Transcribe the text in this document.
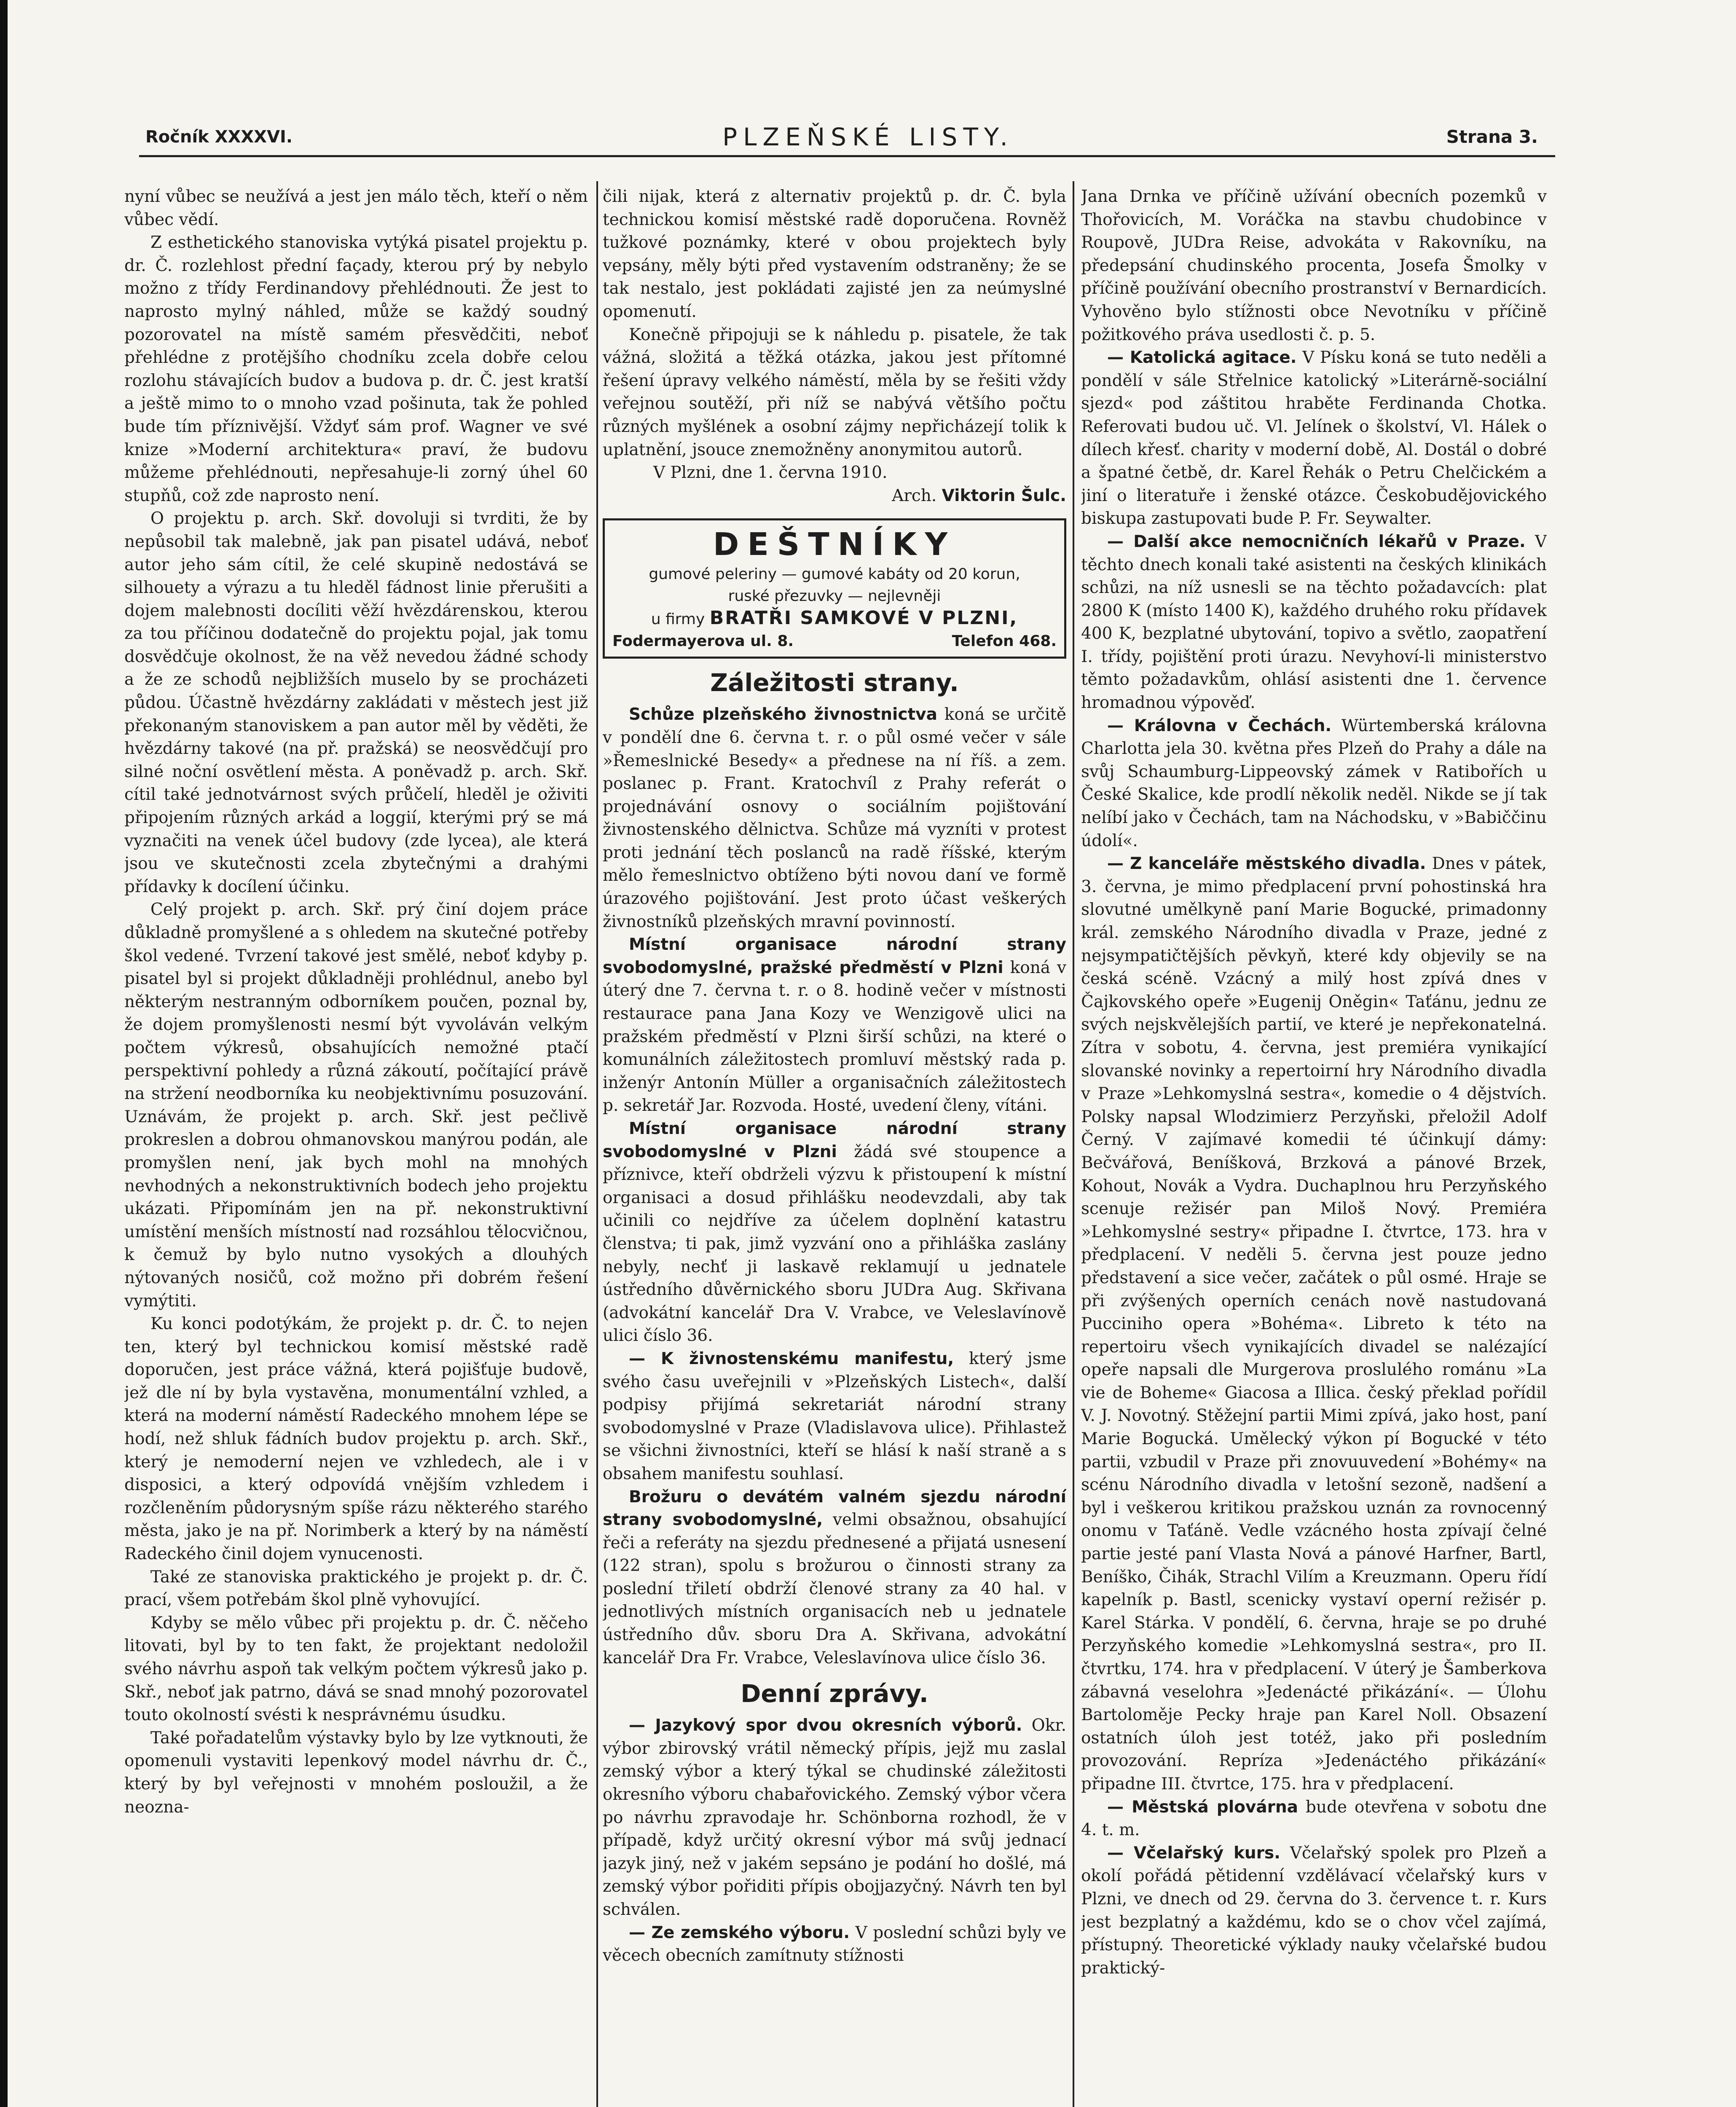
Ročník XXXXVI.	PLZEŇSKÉ LISTY.	Strana 3.

nyní vůbec se neužívá a jest jen málo těch, kteří o něm vůbec vědí.

Z esthetického stanoviska vytýká pisatel projektu p. dr. Č. rozlehlost přední façady, kterou prý by nebylo možno z třídy Ferdinandovy přehlédnouti. Že jest to naprosto mylný náhled, může se každý soudný pozorovatel na místě samém přesvědčiti, neboť přehlédne z protějšího chodníku zcela dobře celou rozlohu stávajících budov a budova p. dr. Č. jest kratší a ještě mimo to o mnoho vzad pošinuta, tak že pohled bude tím příznivější. Vždyť sám prof. Wagner ve své knize »Moderní architektura« praví, že budovu můžeme přehlédnouti, nepřesahuje-li zorný úhel 60 stupňů, což zde naprosto není.

O projektu p. arch. Skř. dovoluji si tvrditi, že by nepůsobil tak malebně, jak pan pisatel udává, neboť autor jeho sám cítil, že celé skupině nedostává se silhouety a výrazu a tu hleděl fádnost linie přerušiti a dojem malebnosti docíliti věží hvězdárenskou, kterou za tou příčinou dodatečně do projektu pojal, jak tomu dosvědčuje okolnost, že na věž nevedou žádné schody a že ze schodů nejbližších muselo by se procházeti půdou. Účastně hvězdárny zakládati v městech jest již překonaným stanoviskem a pan autor měl by věděti, že hvězdárny takové (na př. pražská) se neosvědčují pro silné noční osvětlení města. A poněvadž p. arch. Skř. cítil také jednotvárnost svých průčelí, hleděl je oživiti připojením různých arkád a loggií, kterými prý se má vyznačiti na venek účel budovy (zde lycea), ale která jsou ve skutečnosti zcela zbytečnými a drahými přídavky k docílení účinku.

Celý projekt p. arch. Skř. prý činí dojem práce důkladně promyšlené a s ohledem na skutečné potřeby škol vedené. Tvrzení takové jest smělé, neboť kdyby p. pisatel byl si projekt důkladněji prohlédnul, anebo byl některým nestranným odborníkem poučen, poznal by, že dojem promyšlenosti nesmí být vyvoláván velkým počtem výkresů, obsahujících nemožné ptačí perspektivní pohledy a různá zákoutí, počítající právě na stržení neodborníka ku neobjektivnímu posuzování. Uznávám, že projekt p. arch. Skř. jest pečlivě prokreslen a dobrou ohmanovskou manýrou podán, ale promyšlen není, jak bych mohl na mnohých nevhodných a nekonstruktivních bodech jeho projektu ukázati. Připomínám jen na př. nekonstruktivní umístění menších místností nad rozsáhlou tělocvičnou, k čemuž by bylo nutno vysokých a dlouhých nýtovaných nosičů, což možno při dobrém řešení vymýtiti.

Ku konci podotýkám, že projekt p. dr. Č. to nejen ten, který byl technickou komisí městské radě doporučen, jest práce vážná, která pojišťuje budově, jež dle ní by byla vystavěna, monumentální vzhled, a která na moderní náměstí Radeckého mnohem lépe se hodí, než shluk fádních budov projektu p. arch. Skř., který je nemoderní nejen ve vzhledech, ale i v disposici, a který odpovídá vnějším vzhledem i rozčleněním půdorysným spíše rázu některého starého města, jako je na př. Norimberk a který by na náměstí Radeckého činil dojem vynucenosti.

Také ze stanoviska praktického je projekt p. dr. Č. prací, všem potřebám škol plně vyhovující.

Kdyby se mělo vůbec při projektu p. dr. Č. něčeho litovati, byl by to ten fakt, že projektant nedoložil svého návrhu aspoň tak velkým počtem výkresů jako p. Skř., neboť jak patrno, dává se snad mnohý pozorovatel touto okolností svésti k nesprávnému úsudku.

Také pořadatelům výstavky bylo by lze vytknouti, že opomenuli vystaviti lepenkový model návrhu dr. Č., který by byl veřejnosti v mnohém posloužil, a že neozna-

čili nijak, která z alternativ projektů p. dr. Č. byla technickou komisí městské radě doporučena. Rovněž tužkové poznámky, které v obou projektech byly vepsány, měly býti před vystavením odstraněny; že se tak nestalo, jest pokládati zajisté jen za neúmyslné opomenutí.

Konečně připojuji se k náhledu p. pisatele, že tak vážná, složitá a těžká otázka, jakou jest přítomné řešení úpravy velkého náměstí, měla by se řešiti vždy veřejnou soutěží, při níž se nabývá většího počtu různých myšlének a osobní zájmy nepřicházejí tolik k uplatnění, jsouce znemožněny anonymitou autorů.

V Plzni, dne 1. června 1910.

Arch. Viktorin Šulc.

DEŠTNÍKY
gumové peleriny — gumové kabáty od 20 korun,
ruské přezuvky — nejlevněji
u firmy BRATŘI SAMKOVÉ V PLZNI,
Fodermayerova ul. 8.	Telefon 468.
Záležitosti strany.

Schůze plzeňského živnostnictva koná se určitě v pondělí dne 6. června t. r. o půl osmé večer v sále »Řemeslnické Besedy« a přednese na ní říš. a zem. poslanec p. Frant. Kratochvíl z Prahy referát o projednávání osnovy o sociálním pojištování živnostenského dělnictva. Schůze má vyzníti v protest proti jednání těch poslanců na radě říšské, kterým mělo řemeslnictvo obtíženo býti novou daní ve formě úrazového pojištování. Jest proto účast veškerých živnostníků plzeňských mravní povinností.

Místní organisace národní strany svobodomyslné, pražské předměstí v Plzni koná v úterý dne 7. června t. r. o 8. hodině večer v místnosti restaurace pana Jana Kozy ve Wenzigově ulici na pražském předměstí v Plzni širší schůzi, na které o komunálních záležitostech promluví městský rada p. inženýr Antonín Müller a organisačních záležitostech p. sekretář Jar. Rozvoda. Hosté, uvedení členy, vítáni.

Místní organisace národní strany svobodomyslné v Plzni žádá své stoupence a příznivce, kteří obdrželi výzvu k přistoupení k místní organisaci a dosud přihlášku neodevzdali, aby tak učinili co nejdříve za účelem doplnění katastru členstva; ti pak, jimž vyzvání ono a přihláška zaslány nebyly, nechť ji laskavě reklamují u jednatele ústředního důvěrnického sboru JUDra Aug. Skřivana (advokátní kancelář Dra V. Vrabce, ve Veleslavínově ulici číslo 36.

— K živnostenskému manifestu, který jsme svého času uveřejnili v »Plzeňských Listech«, další podpisy přijímá sekretariát národní strany svobodomyslné v Praze (Vladislavova ulice). Přihlastež se všichni živnostníci, kteří se hlásí k naší straně a s obsahem manifestu souhlasí.

Brožuru o devátém valném sjezdu národní strany svobodomyslné, velmi obsažnou, obsahující řeči a referáty na sjezdu přednesené a přijatá usnesení (122 stran), spolu s brožurou o činnosti strany za poslední třiletí obdrží členové strany za 40 hal. v jednotlivých místních organisacích neb u jednatele ústředního dův. sboru Dra A. Skřivana, advokátní kancelář Dra Fr. Vrabce, Veleslavínova ulice číslo 36.

Denní zprávy.

— Jazykový spor dvou okresních výborů. Okr. výbor zbirovský vrátil německý přípis, jejž mu zaslal zemský výbor a který týkal se chudinské záležitosti okresního výboru chabařovického. Zemský výbor včera po návrhu zpravodaje hr. Schönborna rozhodl, že v případě, když určitý okresní výbor má svůj jednací jazyk jiný, než v jakém sepsáno je podání ho došlé, má zemský výbor pořiditi přípis obojjazyčný. Návrh ten byl schválen.

— Ze zemského výboru. V poslední schůzi byly ve věcech obecních zamítnuty stížnosti

Jana Drnka ve příčině užívání obecních pozemků v Thořovicích, M. Voráčka na stavbu chudobince v Roupově, JUDra Reise, advokáta v Rakovníku, na předepsání chudinského procenta, Josefa Šmolky v příčině používání obecního prostranství v Bernardicích. Vyhověno bylo stížnosti obce Nevotníku v příčině požitkového práva usedlosti č. p. 5.

— Katolická agitace. V Písku koná se tuto neděli a pondělí v sále Střelnice katolický »Literárně-sociální sjezd« pod záštitou hraběte Ferdinanda Chotka. Referovati budou uč. Vl. Jelínek o školství, Vl. Hálek o dílech křesť. charity v moderní době, Al. Dostál o dobré a špatné četbě, dr. Karel Řehák o Petru Chelčickém a jiní o literatuře i ženské otázce. Českobudějovického biskupa zastupovati bude P. Fr. Seywalter.

— Další akce nemocničních lékařů v Praze. V těchto dnech konali také asistenti na českých klinikách schůzi, na níž usnesli se na těchto požadavcích: plat 2800 K (místo 1400 K), každého druhého roku přídavek 400 K, bezplatné ubytování, topivo a světlo, zaopatření I. třídy, pojištění proti úrazu. Nevyhoví-li ministerstvo těmto požadavkům, ohlásí asistenti dne 1. července hromadnou výpověď.

— Královna v Čechách. Würtemberská královna Charlotta jela 30. května přes Plzeň do Prahy a dále na svůj Schaumburg-Lippeovský zámek v Ratibořích u České Skalice, kde prodlí několik neděl. Nikde se jí tak nelíbí jako v Čechách, tam na Náchodsku, v »Babiččinu údolí«.

— Z kanceláře městského divadla. Dnes v pátek, 3. června, je mimo předplacení první pohostinská hra slovutné umělkyně paní Marie Bogucké, primadonny král. zemského Národního divadla v Praze, jedné z nejsympatičtějších pěvkyň, které kdy objevily se na česká scéně. Vzácný a milý host zpívá dnes v Čajkovského opeře »Eugenij Oněgin« Taťánu, jednu ze svých nejskvělejších partií, ve které je nepřekonatelná. Zítra v sobotu, 4. června, jest premiéra vynikající slovanské novinky a repertoirní hry Národního divadla v Praze »Lehkomyslná sestra«, komedie o 4 dějstvích. Polsky napsal Wlodzimierz Perzyňski, přeložil Adolf Černý. V zajímavé komedii té účinkují dámy: Bečvářová, Beníšková, Brzková a pánové Brzek, Kohout, Novák a Vydra. Duchaplnou hru Perzyňského scenuje režisér pan Miloš Nový. Premiéra »Lehkomyslné sestry« připadne I. čtvrtce, 173. hra v předplacení. V neděli 5. června jest pouze jedno představení a sice večer, začátek o půl osmé. Hraje se při zvýšených operních cenách nově nastudovaná Pucciniho opera »Bohéma«. Libreto k této na repertoiru všech vynikajících divadel se nalézající opeře napsali dle Murgerova proslulého románu »La vie de Boheme« Giacosa a Illica. český překlad pořídil V. J. Novotný. Stěžejní partii Mimi zpívá, jako host, paní Marie Bogucká. Umělecký výkon pí Bogucké v této partii, vzbudil v Praze při znovuuvedení »Bohémy« na scénu Národního divadla v letošní sezoně, nadšení a byl i veškerou kritikou pražskou uznán za rovnocenný onomu v Taťáně. Vedle vzácného hosta zpívají čelné partie jesté paní Vlasta Nová a pánové Harfner, Bartl, Beníško, Čihák, Strachl Vilím a Kreuzmann. Operu řídí kapelník p. Bastl, scenicky vystaví operní režisér p. Karel Stárka. V pondělí, 6. června, hraje se po druhé Perzyňského komedie »Lehkomyslná sestra«, pro II. čtvrtku, 174. hra v předplacení. V úterý je Šamberkova zábavná veselohra »Jedenácté přikázání«. — Úlohu Bartoloměje Pecky hraje pan Karel Noll. Obsazení ostatních úloh jest totéž, jako při posledním provozování. Repríza »Jedenáctého přikázání« připadne III. čtvrtce, 175. hra v předplacení.

— Městská plovárna bude otevřena v sobotu dne 4. t. m.

— Včelařský kurs. Včelařský spolek pro Plzeň a okolí pořádá pětidenní vzdělávací včelařský kurs v Plzni, ve dnech od 29. června do 3. července t. r. Kurs jest bezplatný a každému, kdo se o chov včel zajímá, přístupný. Theoretické výklady nauky včelařské budou praktický-
